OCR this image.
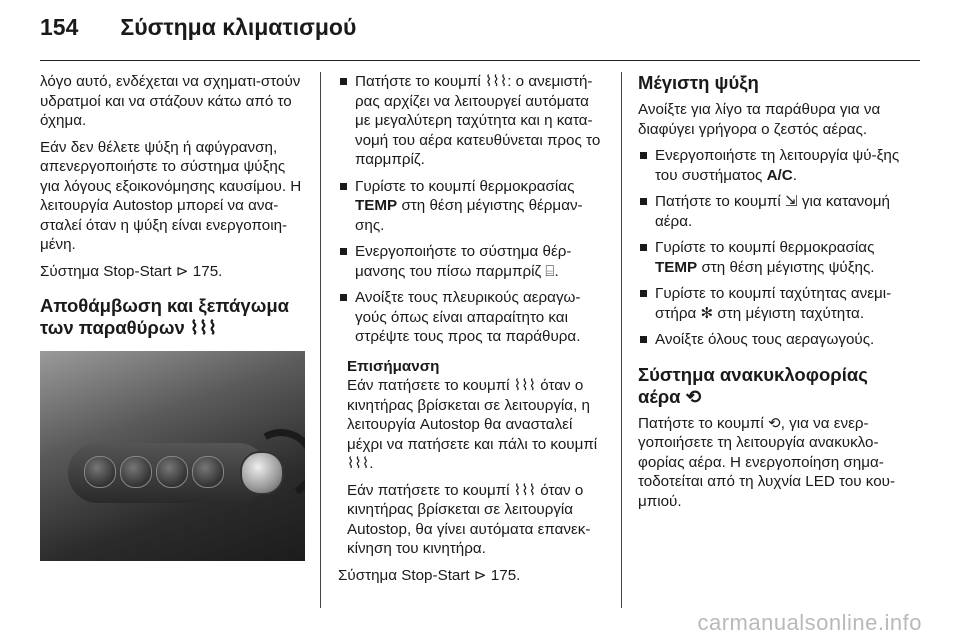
154 Σύστημα κλιματισμού

λόγο αυτό, ενδέχεται να σχηματι-στούν υδρατμοί και να στάζουν κάτω από το όχημα.

Εάν δεν θέλετε ψύξη ή αφύγρανση, απενεργοποιήστε το σύστημα ψύξης για λόγους εξοικονόμησης καυσίμου. Η λειτουργία Autostop μπορεί να ανα-σταλεί όταν η ψύξη είναι ενεργοποιη-μένη.

Σύστημα Stop-Start ⊳ 175.

Αποθάμβωση και ξεπάγωμα των παραθύρων ⌇⌇⌇
Πατήστε το κουμπί ⌇⌇⌇: ο ανεμιστή-ρας αρχίζει να λειτουργεί αυτόματα με μεγαλύτερη ταχύτητα και η κατα-νομή του αέρα κατευθύνεται προς το παρμπρίζ.
Γυρίστε το κουμπί θερμοκρασίας TEMP στη θέση μέγιστης θέρμαν-σης.
Ενεργοποιήστε το σύστημα θέρ-μανσης του πίσω παρμπρίζ ⌸.
Ανοίξτε τους πλευρικούς αεραγω-γούς όπως είναι απαραίτητο και στρέψτε τους προς τα παράθυρα.
Επισήμανση

Εάν πατήσετε το κουμπί ⌇⌇⌇ όταν ο κινητήρας βρίσκεται σε λειτουργία, η λειτουργία Autostop θα ανασταλεί μέχρι να πατήσετε και πάλι το κουμπί ⌇⌇⌇.

Εάν πατήσετε το κουμπί ⌇⌇⌇ όταν ο κινητήρας βρίσκεται σε λειτουργία Autostop, θα γίνει αυτόματα επανεκ-κίνηση του κινητήρα.

Σύστημα Stop-Start ⊳ 175.

Μέγιστη ψύξη

Ανοίξτε για λίγο τα παράθυρα για να διαφύγει γρήγορα ο ζεστός αέρας.

Ενεργοποιήστε τη λειτουργία ψύ-ξης του συστήματος A/C.
Πατήστε το κουμπί ⇲ για κατανομή αέρα.
Γυρίστε το κουμπί θερμοκρασίας TEMP στη θέση μέγιστης ψύξης.
Γυρίστε το κουμπί ταχύτητας ανεμι-στήρα ✻ στη μέγιστη ταχύτητα.
Ανοίξτε όλους τους αεραγωγούς.
Σύστημα ανακυκλοφορίας αέρα ⟲

Πατήστε το κουμπί ⟲, για να ενερ-γοποιήσετε τη λειτουργία ανακυκλο-φορίας αέρα. Η ενεργοποίηση σημα-τοδοτείται από τη λυχνία LED του κου-μπιού.

carmanualsonline.info
